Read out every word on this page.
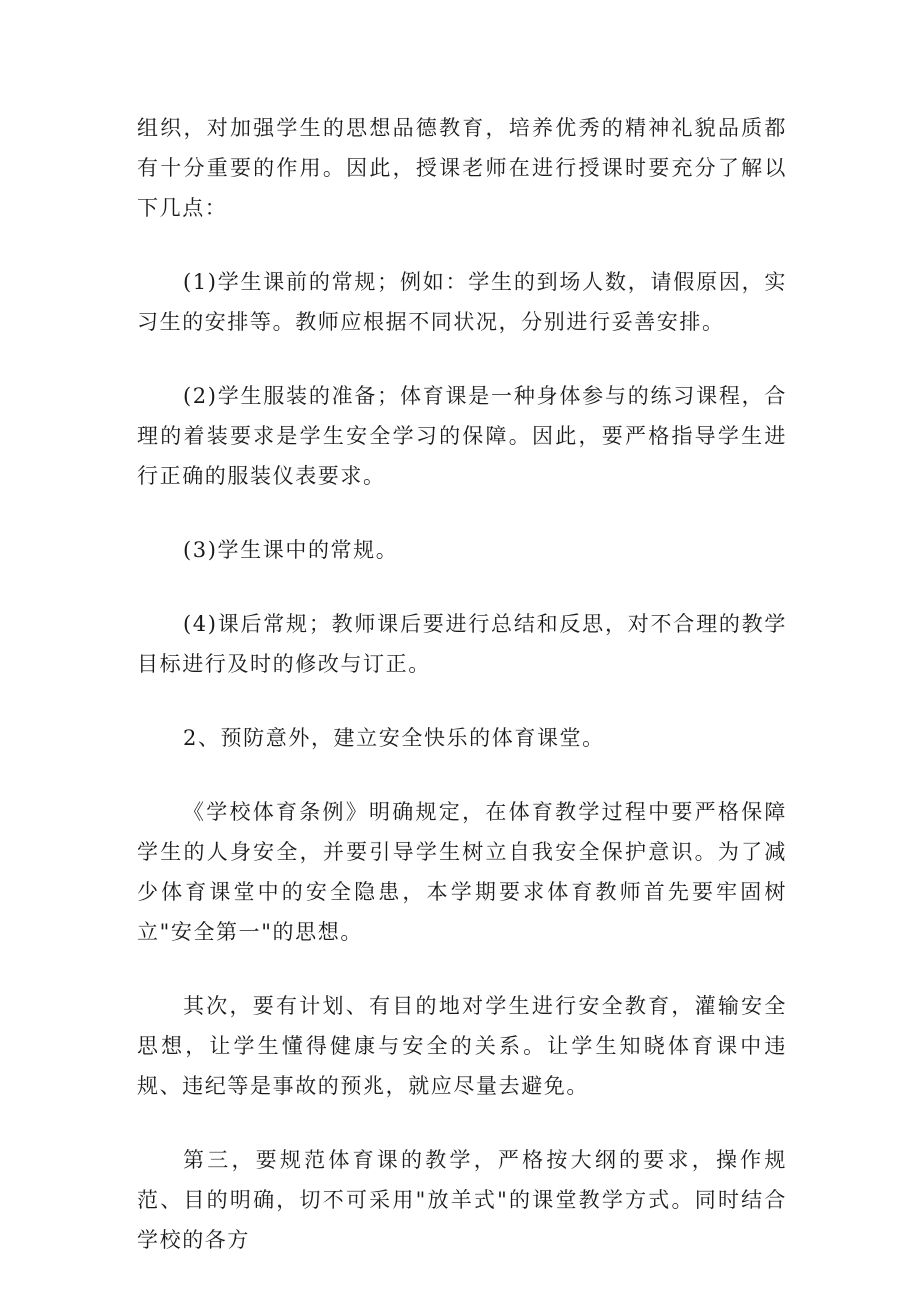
组织，对加强学生的思想品德教育，培养优秀的精神礼貌品质都有十分重要的作用。因此，授课老师在进行授课时要充分了解以下几点：

(1)学生课前的常规；例如：学生的到场人数，请假原因，实习生的安排等。教师应根据不同状况，分别进行妥善安排。

(2)学生服装的准备；体育课是一种身体参与的练习课程，合理的着装要求是学生安全学习的保障。因此，要严格指导学生进行正确的服装仪表要求。

(3)学生课中的常规。

(4)课后常规；教师课后要进行总结和反思，对不合理的教学目标进行及时的修改与订正。

2、预防意外，建立安全快乐的体育课堂。

《学校体育条例》明确规定，在体育教学过程中要严格保障学生的人身安全，并要引导学生树立自我安全保护意识。为了减少体育课堂中的安全隐患，本学期要求体育教师首先要牢固树立"安全第一"的思想。

其次，要有计划、有目的地对学生进行安全教育，灌输安全思想，让学生懂得健康与安全的关系。让学生知晓体育课中违规、违纪等是事故的预兆，就应尽量去避免。

第三，要规范体育课的教学，严格按大纲的要求，操作规范、目的明确，切不可采用"放羊式"的课堂教学方式。同时结合学校的各方
